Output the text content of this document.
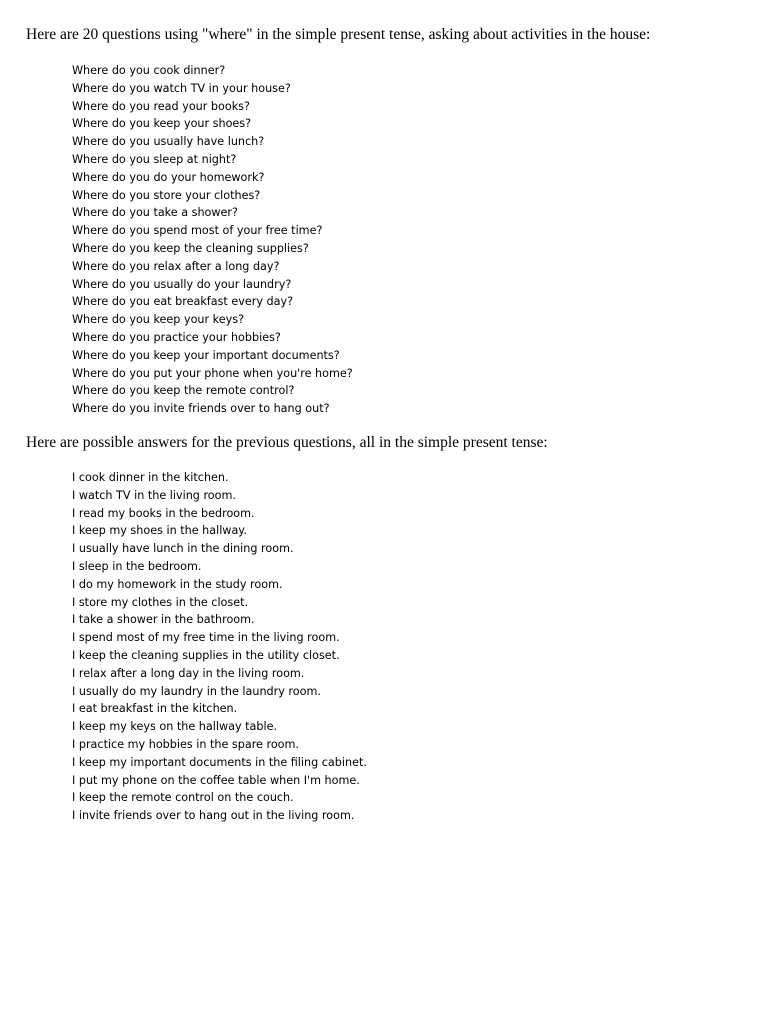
Here are 20 questions using "where" in the simple present tense, asking about activities in the house:

Where do you cook dinner?
Where do you watch TV in your house?
Where do you read your books?
Where do you keep your shoes?
Where do you usually have lunch?
Where do you sleep at night?
Where do you do your homework?
Where do you store your clothes?
Where do you take a shower?
Where do you spend most of your free time?
Where do you keep the cleaning supplies?
Where do you relax after a long day?
Where do you usually do your laundry?
Where do you eat breakfast every day?
Where do you keep your keys?
Where do you practice your hobbies?
Where do you keep your important documents?
Where do you put your phone when you're home?
Where do you keep the remote control?
Where do you invite friends over to hang out?

Here are possible answers for the previous questions, all in the simple present tense:

I cook dinner in the kitchen.
I watch TV in the living room.
I read my books in the bedroom.
I keep my shoes in the hallway.
I usually have lunch in the dining room.
I sleep in the bedroom.
I do my homework in the study room.
I store my clothes in the closet.
I take a shower in the bathroom.
I spend most of my free time in the living room.
I keep the cleaning supplies in the utility closet.
I relax after a long day in the living room.
I usually do my laundry in the laundry room.
I eat breakfast in the kitchen.
I keep my keys on the hallway table.
I practice my hobbies in the spare room.
I keep my important documents in the filing cabinet.
I put my phone on the coffee table when I'm home.
I keep the remote control on the couch.
I invite friends over to hang out in the living room.
